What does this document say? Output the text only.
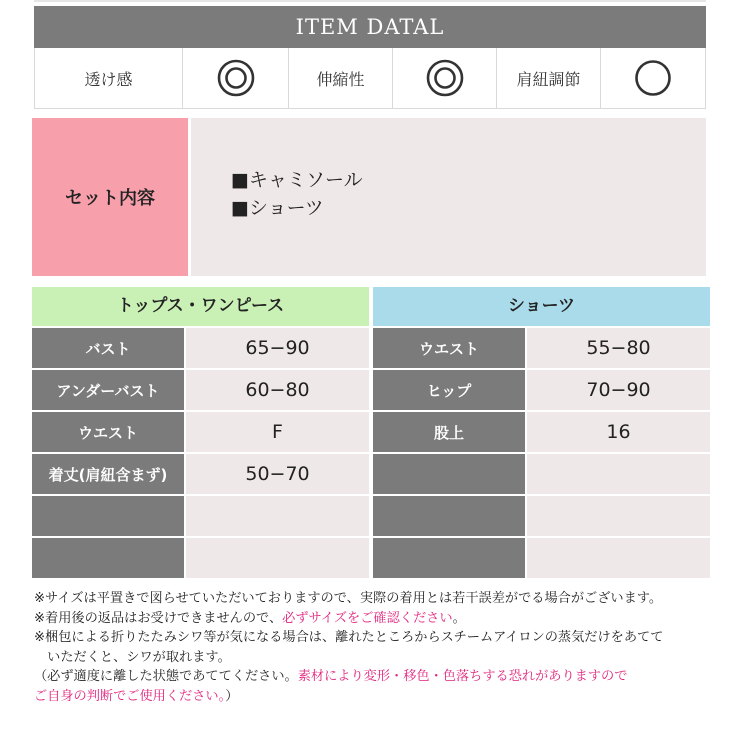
ITEM DATAL
透け感	伸縮性	肩紐調節
セット内容
■キャミソール
■ショーツ
トップス・ワンピース
バスト	65−90
アンダーバスト	60−80
ウエスト	F
着丈(肩紐含まず)	50−70
ショーツ
ウエスト	55−80
ヒップ	70−90
股上	16
※サイズは平置きで図らせていただいておりますので、実際の着用とは若干誤差がでる場合がございます。
※着用後の返品はお受けできませんので、必ずサイズをご確認ください。
※梱包による折りたたみシワ等が気になる場合は、離れたところからスチームアイロンの蒸気だけをあてて
　いただくと、シワが取れます。
（必ず適度に離した状態であててください。素材により変形・移色・色落ちする恐れがありますので
ご自身の判断でご使用ください。）
